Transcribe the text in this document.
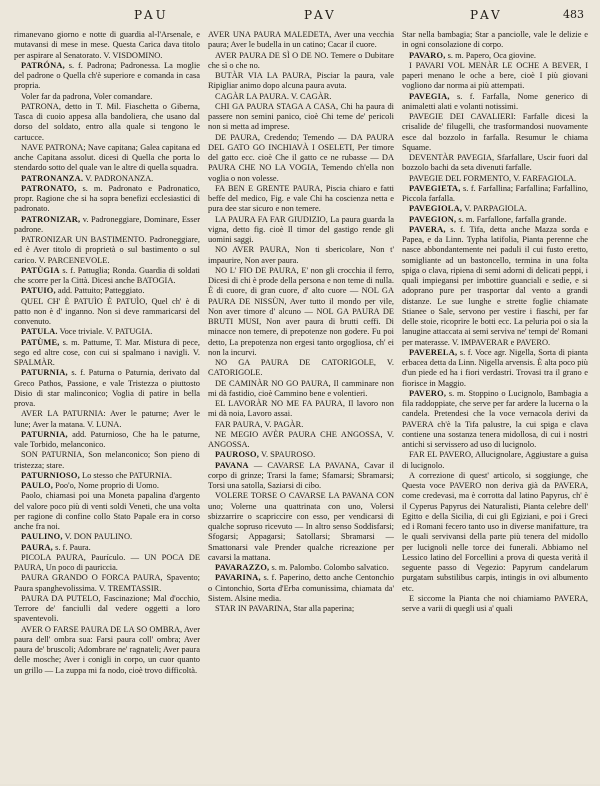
PAU	PAV	PAV	483

rimanevano giorno e notte di guardia al-l'Arsenale, e mutavansi di mese in mese. Questa Carica dava titolo per aspirare al Senatorato. V. VISDOMINO.

PATRÓNA, s. f. Padrona; Padronessa. La moglie del padrone o Quella ch'è superiore e comanda in casa propria.

Voler far da padrona, Voler comandare.

PATRONA, detto in T. Mil. Fiaschetta o Giberna, Tasca di cuoio appesa alla bandoliera, che usano dal dorso del soldato, entro alla quale si tengono le cartucce.

NAVE PATRONA; Nave capitana; Galea capitana ed anche Capitana assolut. dicesi di Quella che porta lo stendardo sotto del quale van le altre di quella squadra.

PATRONANZA. V. PADRONANZA.

PATRONATO, s. m. Padronato e Padronatico, propr. Ragione che si ha sopra benefizi ecclesiastici di padronato.

PATRONIZAR, v. Padroneggiare, Dominare, Esser padrone.

PATRONIZAR UN BASTIMENTO. Padroneggiare, ed è Aver titolo di proprietà o sul bastimento o sul carico. V. PARCENEVOLE.

PATÙGIA s. f. Pattuglia; Ronda. Guardia di soldati che scorre per la Città. Dicesi anche BATOGIA.

PATUIO, add. Pattuito; Patteggiato.

QUEL CH' È PATUÌO È PATUÌO, Quel ch' è di patto non è d' inganno. Non si deve rammaricarsi del convenuto.

PATULA. Voce triviale. V. PATUGIA.

PATÙME, s. m. Pattume, T. Mar. Mistura di pece, sego ed altre cose, con cui si spalmano i navigli. V. SPALMÀR.

PATURNIA, s. f. Paturna o Paturnia, derivato dal Greco Pathos, Passione, e vale Tristezza o piuttosto Disio di star malinconico; Voglia di patire in bella prova.

AVER LA PATURNIA: Aver le paturne; Aver le lune; Aver la matana. V. LUNA.

PATURNIA, add. Paturnioso, Che ha le paturne, vale Torbido, melanconico.

SON PATURNIA, Son melanconico; Son pieno di tristezza; stare.

PATURNIOSO, Lo stesso che PATURNIA.

PAULO, Poo'o, Nome proprio di Uomo.

Paolo, chiamasi poi una Moneta papalina d'argento del valore poco più di venti soldi Veneti, che una volta per ragione di confine collo Stato Papale era in corso anche fra noi.

PAULINO, V. DON PAULINO.

PAURA, s. f. Paura.

PICOLA PAURA, Paurículo. — UN POCA DE PAURA, Un poco di pauriccia.

PAURA GRANDO O FORCA PAURA, Spavento; Paura spanghevolissima. V. TREMTASSIR.

PAURA DA PUTELO, Fascinazione; Mal d'occhio, Terrore de' fanciulli dal vedere oggetti a loro spaventevoli.

AVER O FARSE PAURA DE LA SO OMBRA, Aver paura dell' ombra sua: Farsi paura coll' ombra; Aver paura de' bruscoli; Adombrare ne' ragnateli; Aver paura delle mosche; Aver i conigli in corpo, un cuor quanto un grillo — La zuppa mi fa nodo, cioè trovo difficoltà.

AVER UNA PAURA MALEDETA, Aver una vecchia paura; Aver le budella in un catino; Cacar il cuore.

AVER PAURA DE SÌ O DE NO. Temere o Dubitare che sì o che no.

BUTÀR VIA LA PAURA, Pisciar la paura, vale Ripigliar animo dopo alcuna paura avuta.

CAGÀR LA PAURA. V. CAGÀR.

CHI GA PAURA STAGA A CASA, Chi ha paura di passere non semini panico, cioè Chi teme de' pericoli non si metta ad imprese.

DE PAURA, Credendo; Temendo — DA PAURA DEL GATO GO INCHIAVÀ I OSELETI, Per timore del gatto ecc. cioè Che il gatto ce ne rubasse — DA PAURA CHE NO LA VOGIA, Temendo ch'ella non voglia o non volesse.

FA BEN E GRENTE PAURA, Piscia chiaro e fatti beffe del medico, Fig. e vale Chi ha coscienza netta e pura dee star sicuro e non temere.

LA PAURA FA FAR GIUDIZIO, La paura guarda la vigna, detto fig. cioè Il timor del gastigo rende gli uomini saggi.

NO AVER PAURA, Non ti sbericolare, Non t' impaurire, Non aver paura.

NO L' FIO DE PAURA, E' non gli crocchia il ferro, Dicesi di chi è prode della persona e non teme di nulla. È di cuore, di gran cuore, d' alto cuore — NOL GA PAURA DE NISSÙN, Aver tutto il mondo per vile, Non aver timore d' alcuno — NOL GA PAURA DE BRUTI MUSI, Non aver paura di brutti ceffi. Di minacce non temere, di prepotenze non godere. Fu poi detto, La prepotenza non ergesi tanto orgogliosa, ch' ei non la incurvi.

NO GA PAURA DE CATORIGOLE, V. CATORIGOLE.

DE CAMINÀR NO GO PAURA, Il camminare non mi dà fastidio, cioè Cammino bene e volentieri.

EL LAVORÀR NO ME FA PAURA, Il lavoro non mi dà noia, Lavoro assai.

FAR PAURA, V. PAGÀR.

NE MEGIO AVÈR PAURA CHE ANGOSSA, V. ANGOSSA.

PAUROSO, V. SPAUROSO.

PAVANA — CAVARSE LA PAVANA, Cavar il corpo di grinze; Trarsi la fame; Sfamarsi; Sbramarsi; Torsi una satolla, Saziarsi di cibo.

VOLERE TORSE O CAVARSE LA PAVANA CON uno; Volerne una quattrinata con uno, Volersi sbizzarrire o scapriccire con esso, per vendicarsi di qualche sopruso ricevuto — In altro senso Soddisfarsi; Sfogarsi; Appagarsi; Satollarsi; Sbramarsi — Smattonarsi vale Prender qualche ricreazione per cavarsi la mattana.

PAVARAZZO, s. m. Palombo. Colombo salvatico.

PAVARINA, s. f. Paperino, detto anche Centonchio o Cintonchio, Sorta d'Erba comunissima, chiamata da' Sistem. Alsine media.

STAR IN PAVARINA, Star alla paperina;

Star nella bambagia; Star a panciolle, vale le delizie e in ogni consolazione di corpo.

PAVARO, s. m. Papero, Oca giovine.

I PAVARI VOL MENÀR LE OCHE A BEVER, I paperi menano le oche a bere, cioè I più giovani vogliono dar norma ai più attempati.

PAVEGIA, s. f. Farfalla, Nome generico di animaletti alati e volanti notissimi.

PAVEGIE DEI CAVALIERI: Farfalle dicesi la crisalide de' filugelli, che trasformandosi nuovamente esce dal bozzolo in farfalla. Resumur le chiama Squame.

DEVENTÀR PAVEGIA, Sfarfallare, Uscir fuori dal bozzolo bachi da seta divenuti farfalle.

PAVEGIE DEL FORMENTO, V. FARFAGIOLA.

PAVEGIETA, s. f. Farfallina; Farfallina; Farfallino, Piccola farfalla.

PAVEGIOLA, V. PARPAGIOLA.

PAVEGION, s. m. Farfallone, farfalla grande.

PAVERA, s. f. Tifa, detta anche Mazza sorda e Papea, e da Linn. Typha latifolia, Pianta perenne che nasce abbondantemente nei paduli il cui fusto eretto, somigliante ad un bastoncello, termina in una folta spiga o clava, ripiena di semi adorni di delicati peppi, i quali impiegansi per imbottire guanciali e sedie, e si adoprano pure per trasportar dal vento a grandi distanze. Le sue lunghe e strette foglie chiamate Stianee o Sale, servono per vestire i fiaschi, per far delle stoie, ricoprire le botti ecc. La peluria poi o sia la lanugine attaccata ai semi serviva ne' tempi de' Romani per materasse. V. IMPAVERAR e PAVERO.

PAVERELA, s. f. Voce agr. Nigella, Sorta di pianta erbacea detta da Linn. Nigella arvensis. È alta poco più d'un piede ed ha i fiori verdastri. Trovasi tra il grano e fiorisce in Maggio.

PAVERO, s. m. Stoppino o Lucignolo, Bambagia a fila raddoppiate, che serve per far ardere la lucerna o la candela. Pretendesi che la voce vernacola derivi da PAVERA ch'è la Tifa palustre, la cui spiga e clava contiene una sostanza tenera midollosa, di cui i nostri antichi si servissero ad uso di lucignolo.

FAR EL PAVERO, Allucignolare, Aggiustare a guisa di lucignolo.

A correzione di quest' articolo, si soggiunge, che Questa voce PAVERO non deriva già da PAVERA, come credevasi, ma è corrotta dal latino Papyrus, ch' è il Cyperus Papyrus dei Naturalisti, Pianta celebre dell' Egitto e della Sicilia, di cui gli Egiziani, e poi i Greci ed i Romani fecero tanto uso in diverse manifatture, tra le quali servivansi della parte più tenera del midollo per lucignoli nelle torce dei funerali. Abbiamo nel Lessico latino del Forcellini a prova di questa verità il seguente passo di Vegezio: Papyrum candelarum purgatam substilibus carpis, intingis in ovi albumento etc.

E siccome la Pianta che noi chiamiamo PAVERA, serve a varii di quegli usi a' quali
